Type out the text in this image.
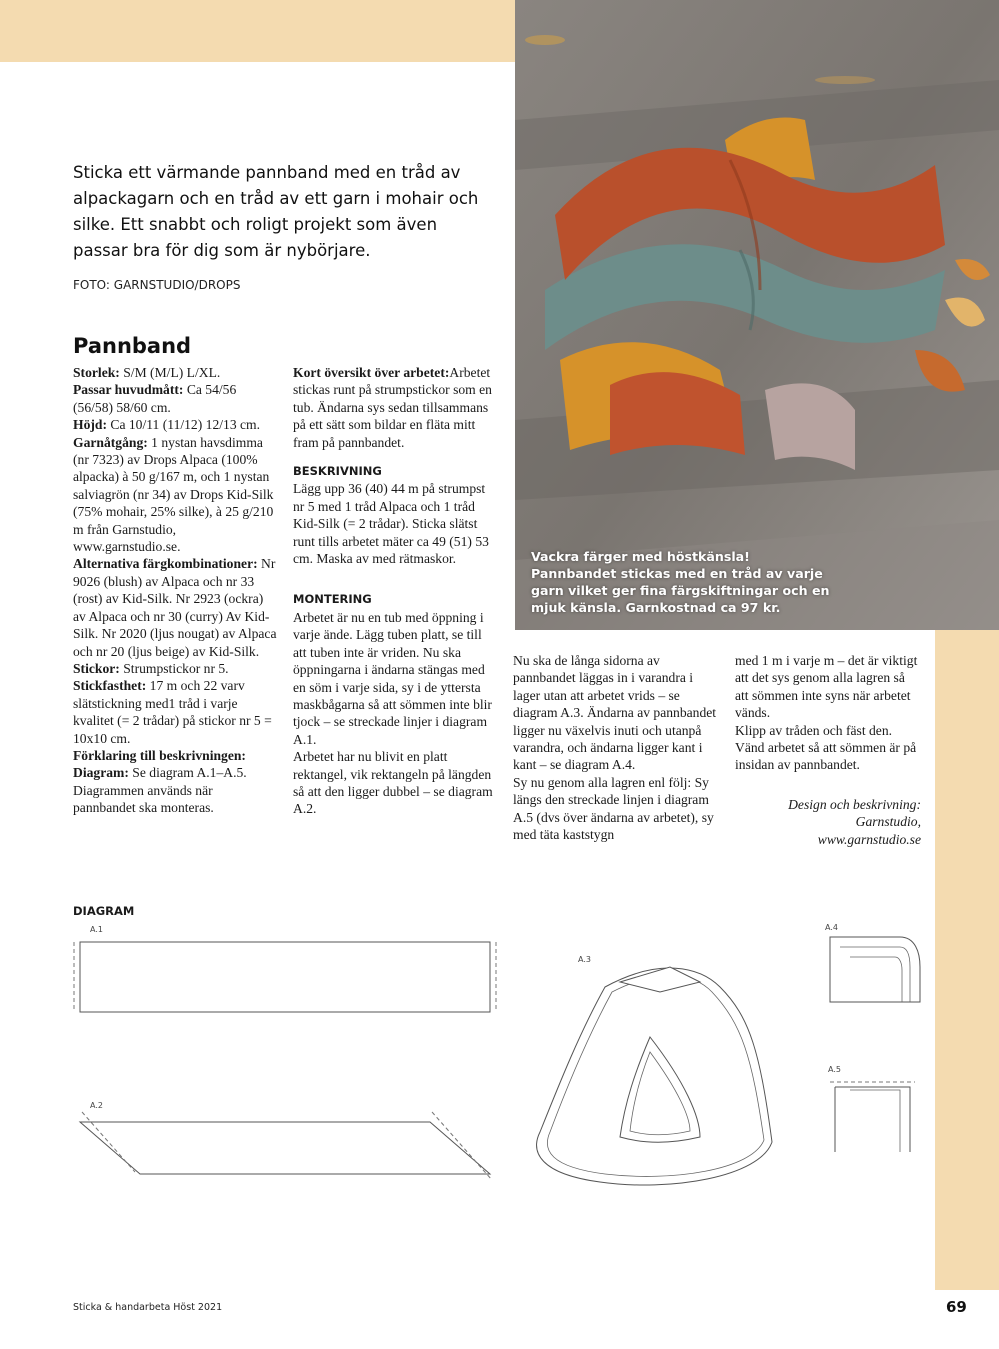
Vackra färger med höstkänsla! Pannbandet stickas med en tråd av varje garn vilket ger fina färgskiftningar och en mjuk känsla. Garnkostnad ca 97 kr.
Sticka ett värmande pannband med en tråd av alpackagarn och en tråd av ett garn i mohair och silke. Ett snabbt och roligt projekt som även passar bra för dig som är nybörjare.
FOTO: GARNSTUDIO/DROPS
Pannband

Storlek: S/M (M/L) L/XL.

Passar huvudmått: Ca 54/56 (56/58) 58/60 cm.

Höjd: Ca 10/11 (11/12) 12/13 cm.

Garnåtgång: 1 nystan havsdimma (nr 7323) av Drops Alpaca (100% alpacka) à 50 g/167 m, och 1 nystan salviagrön (nr 34) av Drops Kid-Silk (75% mohair, 25% silke), à 25 g/210 m från Garnstudio, www.garnstudio.se.

Alternativa färgkombinationer: Nr 9026 (blush) av Alpaca och nr 33 (rost) av Kid-Silk. Nr 2923 (ockra) av Alpaca och nr 30 (curry) Av Kid-Silk. Nr 2020 (ljus nougat) av Alpaca och nr 20 (ljus beige) av Kid-Silk.

Stickor: Strumpstickor nr 5.

Stickfasthet: 17 m och 22 varv slätstickning med1 tråd i varje kvalitet (= 2 trådar) på stickor nr 5 = 10x10 cm.

Förklaring till beskrivningen:

Diagram: Se diagram A.1–A.5. Diagrammen används när pannbandet ska monteras.

Kort översikt över arbetet:Arbetet stickas runt på strumpstickor som en tub. Ändarna sys sedan tillsammans på ett sätt som bildar en fläta mitt fram på pannbandet.

BESKRIVNING

Lägg upp 36 (40) 44 m på strumpst nr 5 med 1 tråd Alpaca och 1 tråd Kid-Silk (= 2 trådar). Sticka slätst runt tills arbetet mäter ca 49 (51) 53 cm. Maska av med rätmaskor.

MONTERING

Arbetet är nu en tub med öppning i varje ände. Lägg tuben platt, se till att tuben inte är vriden. Nu ska öppningarna i ändarna stängas med en söm i varje sida, sy i de yttersta maskbågarna så att sömmen inte blir tjock – se streckade linjer i diagram A.1.

Arbetet har nu blivit en platt rektangel, vik rektangeln på längden så att den ligger dubbel – se diagram A.2.

Nu ska de långa sidorna av pannbandet läggas in i varandra i lager utan att arbetet vrids – se diagram A.3. Ändarna av pannbandet ligger nu växelvis inuti och utanpå varandra, och ändarna ligger kant i kant – se diagram A.4.

Sy nu genom alla lagren enl följ: Sy längs den streckade linjen i diagram A.5 (dvs över ändarna av arbetet), sy med täta kaststygn

med 1 m i varje m – det är viktigt att det sys genom alla lagren så att sömmen inte syns när arbetet vänds.

Klipp av tråden och fäst den. Vänd arbetet så att sömmen är på insidan av pannbandet.

Design och beskrivning:

Garnstudio,

www.garnstudio.se

DIAGRAM
A.1
A.2
A.3
A.4
A.5
Sticka & handarbeta Höst 2021	69
